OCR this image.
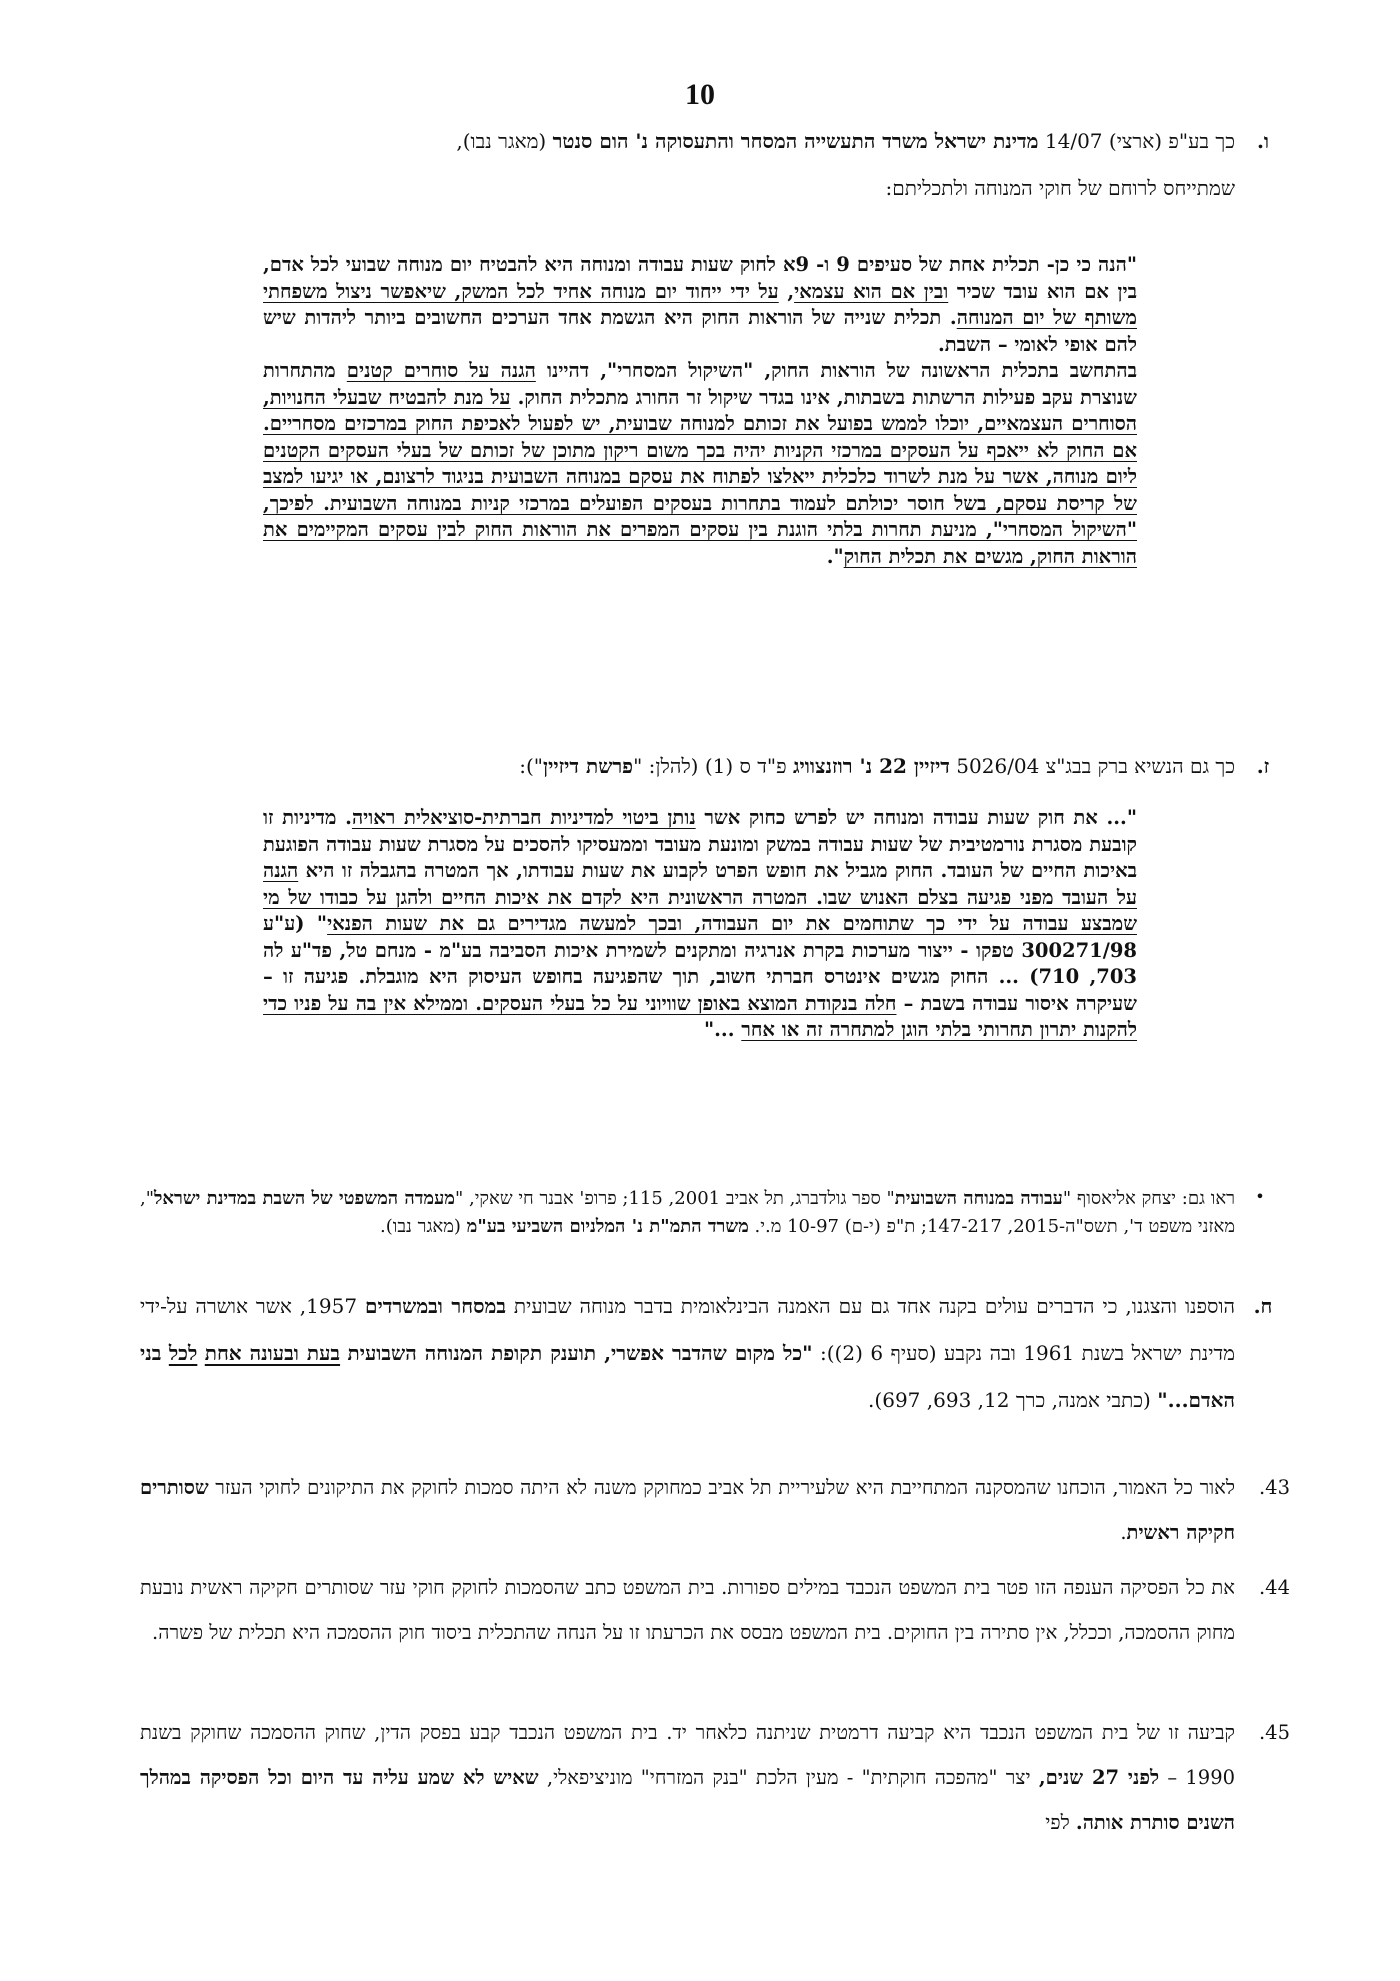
10
ו.
כך בע"פ (ארצי) 14/07 מדינת ישראל משרד התעשייה המסחר והתעסוקה נ' הום סנטר (מאגר נבו),
שמתייחס לרוחם של חוקי המנוחה ולתכליתם:
"הנה כי כן- תכלית אחת של סעיפים 9 ו- 9א לחוק שעות עבודה ומנוחה היא להבטיח יום מנוחה שבועי לכל אדם, בין אם הוא עובד שכיר ובין אם הוא עצמאי, על ידי ייחוד יום מנוחה אחיד לכל המשק, שיאפשר ניצול משפחתי משותף של יום המנוחה. תכלית שנייה של הוראות החוק היא הגשמת אחד הערכים החשובים ביותר ליהדות שיש להם אופי לאומי – השבת.
בהתחשב בתכלית הראשונה של הוראות החוק, "השיקול המסחרי", דהיינו הגנה על סוחרים קטנים מהתחרות שנוצרת עקב פעילות הרשתות בשבתות, אינו בגדר שיקול זר החורג מתכלית החוק. על מנת להבטיח שבעלי החנויות, הסוחרים העצמאיים, יוכלו לממש בפועל את זכותם למנוחה שבועית, יש לפעול לאכיפת החוק במרכזים מסחריים. אם החוק לא ייאכף על העסקים במרכזי הקניות יהיה בכך משום ריקון מתוכן של זכותם של בעלי העסקים הקטנים ליום מנוחה, אשר על מנת לשרוד כלכלית ייאלצו לפתוח את עסקם במנוחה השבועית בניגוד לרצונם, או יגיעו למצב של קריסת עסקם, בשל חוסר יכולתם לעמוד בתחרות בעסקים הפועלים במרכזי קניות במנוחה השבועית. לפיכך, "השיקול המסחרי", מניעת תחרות בלתי הוגנת בין עסקים המפרים את הוראות החוק לבין עסקים המקיימים את הוראות החוק, מגשים את תכלית החוק".
ז.
כך גם הנשיא ברק בבג"צ 5026/04 דיזיין 22 נ' רוזנצוויג פ"ד ס (1) (להלן: "פרשת דיזיין"):
"... את חוק שעות עבודה ומנוחה יש לפרש כחוק אשר נותן ביטוי למדיניות חברתית-סוציאלית ראויה. מדיניות זו קובעת מסגרת נורמטיבית של שעות עבודה במשק ומונעת מעובד וממעסיקו להסכים על מסגרת שעות עבודה הפוגעת באיכות החיים של העובד. החוק מגביל את חופש הפרט לקבוע את שעות עבודתו, אך המטרה בהגבלה זו היא הגנה על העובד מפני פגיעה בצלם האנוש שבו. המטרה הראשונית היא לקדם את איכות החיים ולהגן על כבודו של מי שמבצע עבודה על ידי כך שתוחמים את יום העבודה, ובכך למעשה מגדירים גם את שעות הפנאי" (ע"ע 300271/98 טפקו - ייצור מערכות בקרת אנרגיה ומתקנים לשמירת איכות הסביבה בע"מ - מנחם טל, פד"ע לה 703, 710) ... החוק מגשים אינטרס חברתי חשוב, תוך שהפגיעה בחופש העיסוק היא מוגבלת. פגיעה זו – שעיקרה איסור עבודה בשבת – חלה בנקודת המוצא באופן שוויוני על כל בעלי העסקים. וממילא אין בה על פניו כדי להקנות יתרון תחרותי בלתי הוגן למתחרה זה או אחר ..."
•
ראו גם: יצחק אליאסוף "עבודה במנוחה השבועית" ספר גולדברג, תל אביב 2001, 115; פרופ' אבנר חי שאקי, "מעמדה המשפטי של השבת במדינת ישראל", מאזני משפט ד', תשס"ה-2015, 147-217; ת"פ (י-ם) 10-97 מ.י. משרד התמ"ת נ' המלניום השביעי בע"מ (מאגר נבו).
ח.
הוספנו והצגנו, כי הדברים עולים בקנה אחד גם עם האמנה הבינלאומית בדבר מנוחה שבועית במסחר ובמשרדים 1957, אשר אושרה על-ידי מדינת ישראל בשנת 1961 ובה נקבע (סעיף 6 (2)): "כל מקום שהדבר אפשרי, תוענק תקופת המנוחה השבועית בעת ובעונה אחת לכל בני האדם..." (כתבי אמנה, כרך 12, 693, 697).
.43
לאור כל האמור, הוכחנו שהמסקנה המתחייבת היא שלעיריית תל אביב כמחוקק משנה לא היתה סמכות לחוקק את התיקונים לחוקי העזר שסותרים חקיקה ראשית.
.44
את כל הפסיקה הענפה הזו פטר בית המשפט הנכבד במילים ספורות. בית המשפט כתב שהסמכות לחוקק חוקי עזר שסותרים חקיקה ראשית נובעת מחוק ההסמכה, וככלל, אין סתירה בין החוקים. בית המשפט מבסס את הכרעתו זו על הנחה שהתכלית ביסוד חוק ההסמכה היא תכלית של פשרה.
.45
קביעה זו של בית המשפט הנכבד היא קביעה דרמטית שניתנה כלאחר יד. בית המשפט הנכבד קבע בפסק הדין, שחוק ההסמכה שחוקק בשנת 1990 – לפני 27 שנים, יצר "מהפכה חוקתית" - מעין הלכת "בנק המזרחי" מוניציפאלי, שאיש לא שמע עליה עד היום וכל הפסיקה במהלך השנים סותרת אותה. לפי
